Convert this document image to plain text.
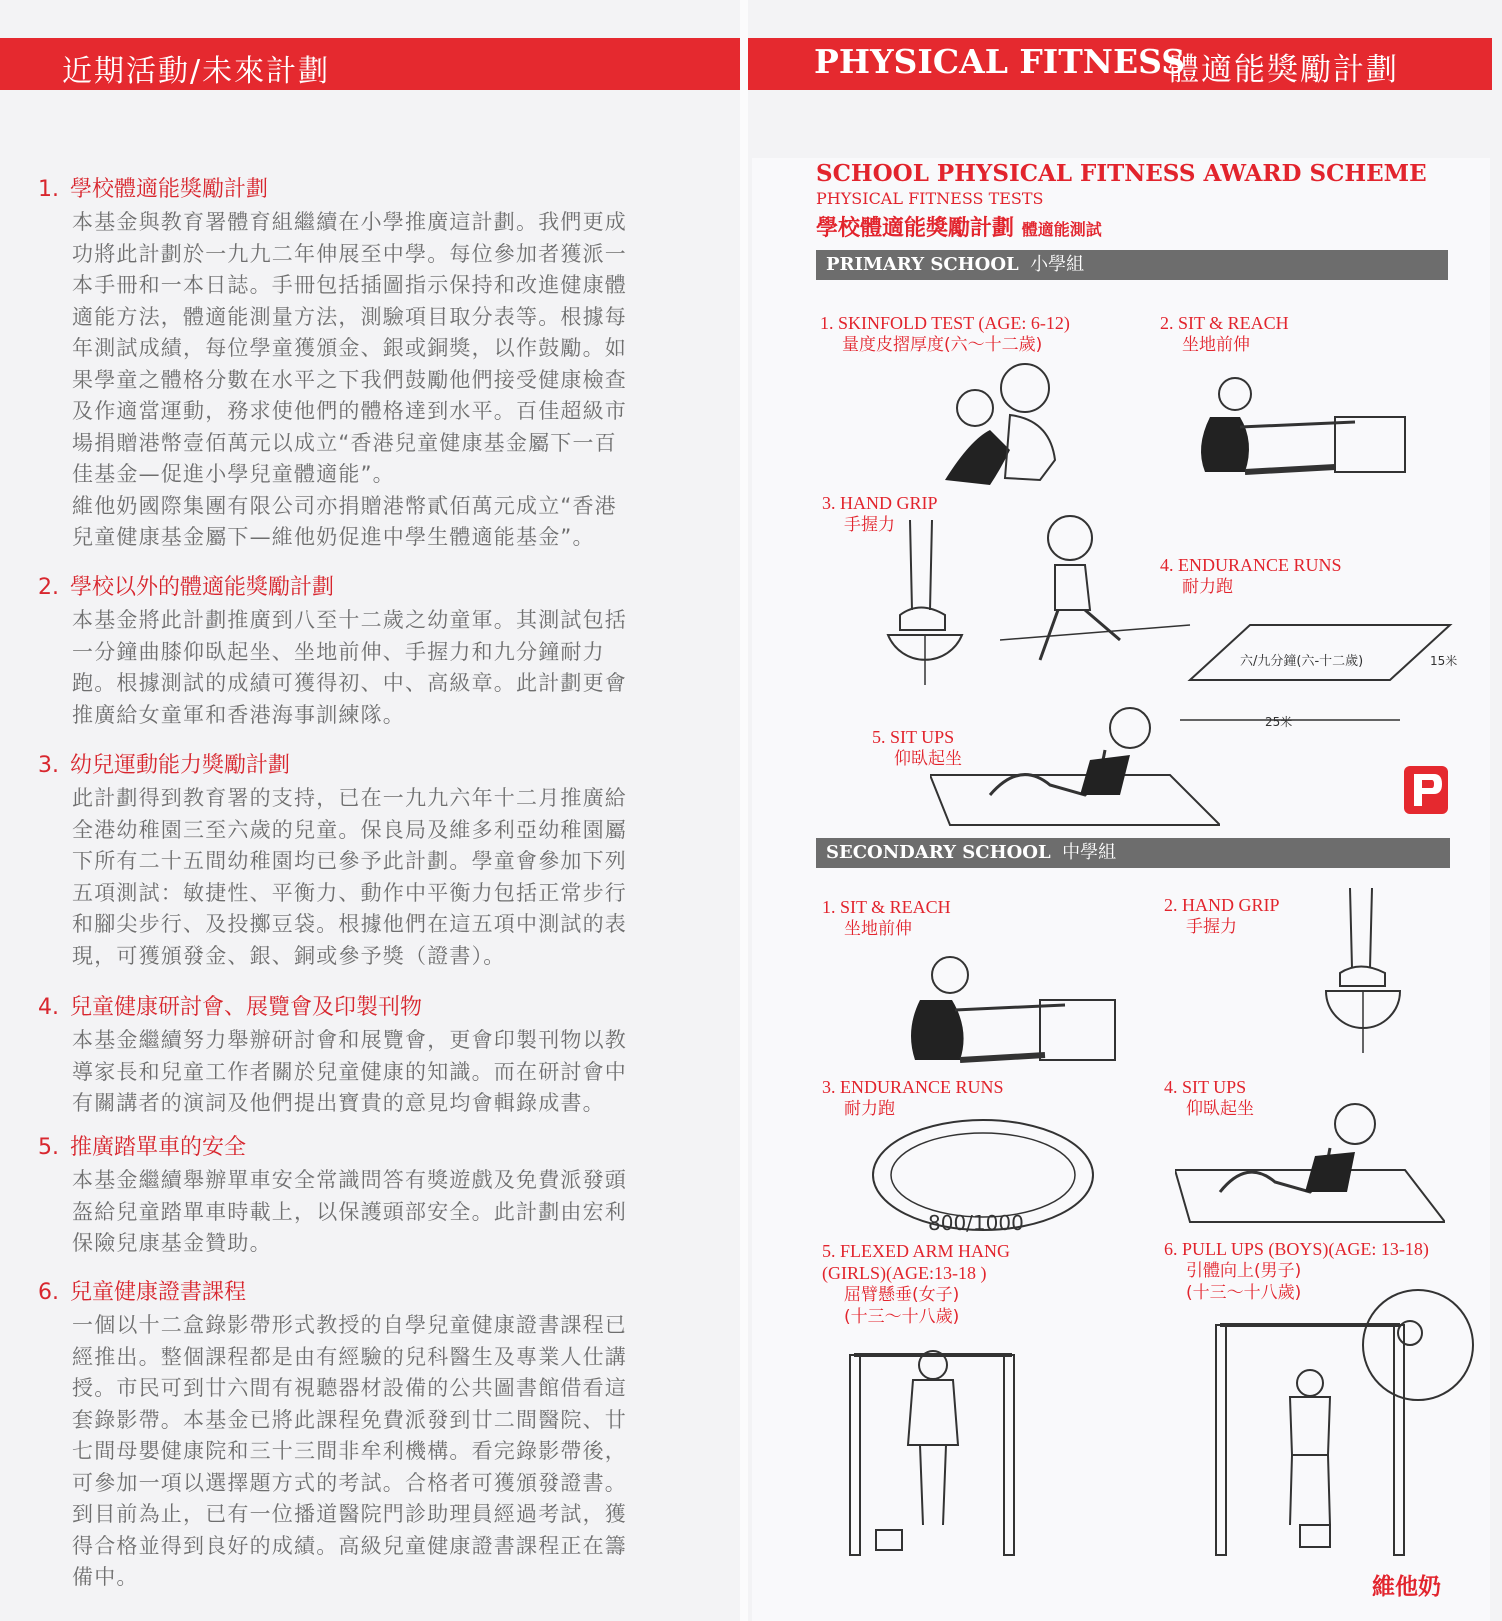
近期活動/未來計劃	PHYSICAL FITNESS
體適能獎勵計劃
1. 學校體適能獎勵計劃
本基金與教育署體育組繼續在小學推廣這計劃。我們更成
功將此計劃於一九九二年伸展至中學。每位參加者獲派一
本手冊和一本日誌。手冊包括插圖指示保持和改進健康體
適能方法，體適能測量方法，測驗項目取分表等。根據每
年測試成績，每位學童獲頒金、銀或銅獎，以作鼓勵。如
果學童之體格分數在水平之下我們鼓勵他們接受健康檢查
及作適當運動，務求使他們的體格達到水平。百佳超級市
場捐贈港幣壹佰萬元以成立“香港兒童健康基金屬下一百
佳基金—促進小學兒童體適能”。
維他奶國際集團有限公司亦捐贈港幣貳佰萬元成立“香港
兒童健康基金屬下—維他奶促進中學生體適能基金”。
2. 學校以外的體適能獎勵計劃
本基金將此計劃推廣到八至十二歲之幼童軍。其測試包括
一分鐘曲膝仰臥起坐、坐地前伸、手握力和九分鐘耐力
跑。根據測試的成績可獲得初、中、高級章。此計劃更會
推廣給女童軍和香港海事訓練隊。
3. 幼兒運動能力獎勵計劃
此計劃得到教育署的支持，已在一九九六年十二月推廣給
全港幼稚園三至六歲的兒童。保良局及維多利亞幼稚園屬
下所有二十五間幼稚園均已參予此計劃。學童會參加下列
五項測試：敏捷性、平衡力、動作中平衡力包括正常步行
和腳尖步行、及投擲豆袋。根據他們在這五項中測試的表
現，可獲頒發金、銀、銅或參予獎（證書）。
4. 兒童健康研討會、展覽會及印製刊物
本基金繼續努力舉辦研討會和展覽會，更會印製刊物以教
導家長和兒童工作者關於兒童健康的知識。而在研討會中
有關講者的演詞及他們提出寶貴的意見均會輯錄成書。
5. 推廣踏單車的安全
本基金繼續舉辦單車安全常識問答有獎遊戲及免費派發頭
盔給兒童踏單車時載上，以保護頭部安全。此計劃由宏利
保險兒康基金贊助。
6. 兒童健康證書課程
一個以十二盒錄影帶形式教授的自學兒童健康證書課程已
經推出。整個課程都是由有經驗的兒科醫生及專業人仕講
授。市民可到廿六間有視聽器材設備的公共圖書館借看這
套錄影帶。本基金已將此課程免費派發到廿二間醫院、廿
七間母嬰健康院和三十三間非牟利機構。看完錄影帶後，
可參加一項以選擇題方式的考試。合格者可獲頒發證書。
到目前為止，已有一位播道醫院門診助理員經過考試，獲
得合格並得到良好的成績。高級兒童健康證書課程正在籌
備中。
SCHOOL PHYSICAL FITNESS AWARD SCHEME
PHYSICAL FITNESS TESTS
學校體適能獎勵計劃 體適能測試
PRIMARY SCHOOL 小學組
1. SKINFOLD TEST (AGE: 6-12)
量度皮摺厚度(六〜十二歲)
2. SIT & REACH
坐地前伸
3. HAND GRIP
手握力
4. ENDURANCE RUNS
耐力跑
5. SIT UPS
仰臥起坐
六/九分鐘(六-十二歲)
25米
15米
SECONDARY SCHOOL 中學組
1. SIT & REACH
坐地前伸
2. HAND GRIP
手握力
3. ENDURANCE RUNS
耐力跑
4. SIT UPS
仰臥起坐
5. FLEXED ARM HANG
(GIRLS)(AGE:13-18 )
屈臂懸垂(女子)
(十三〜十八歲)
6. PULL UPS (BOYS)(AGE: 13-18)
引體向上(男子)
(十三〜十八歲)
800/1000
維他奶
